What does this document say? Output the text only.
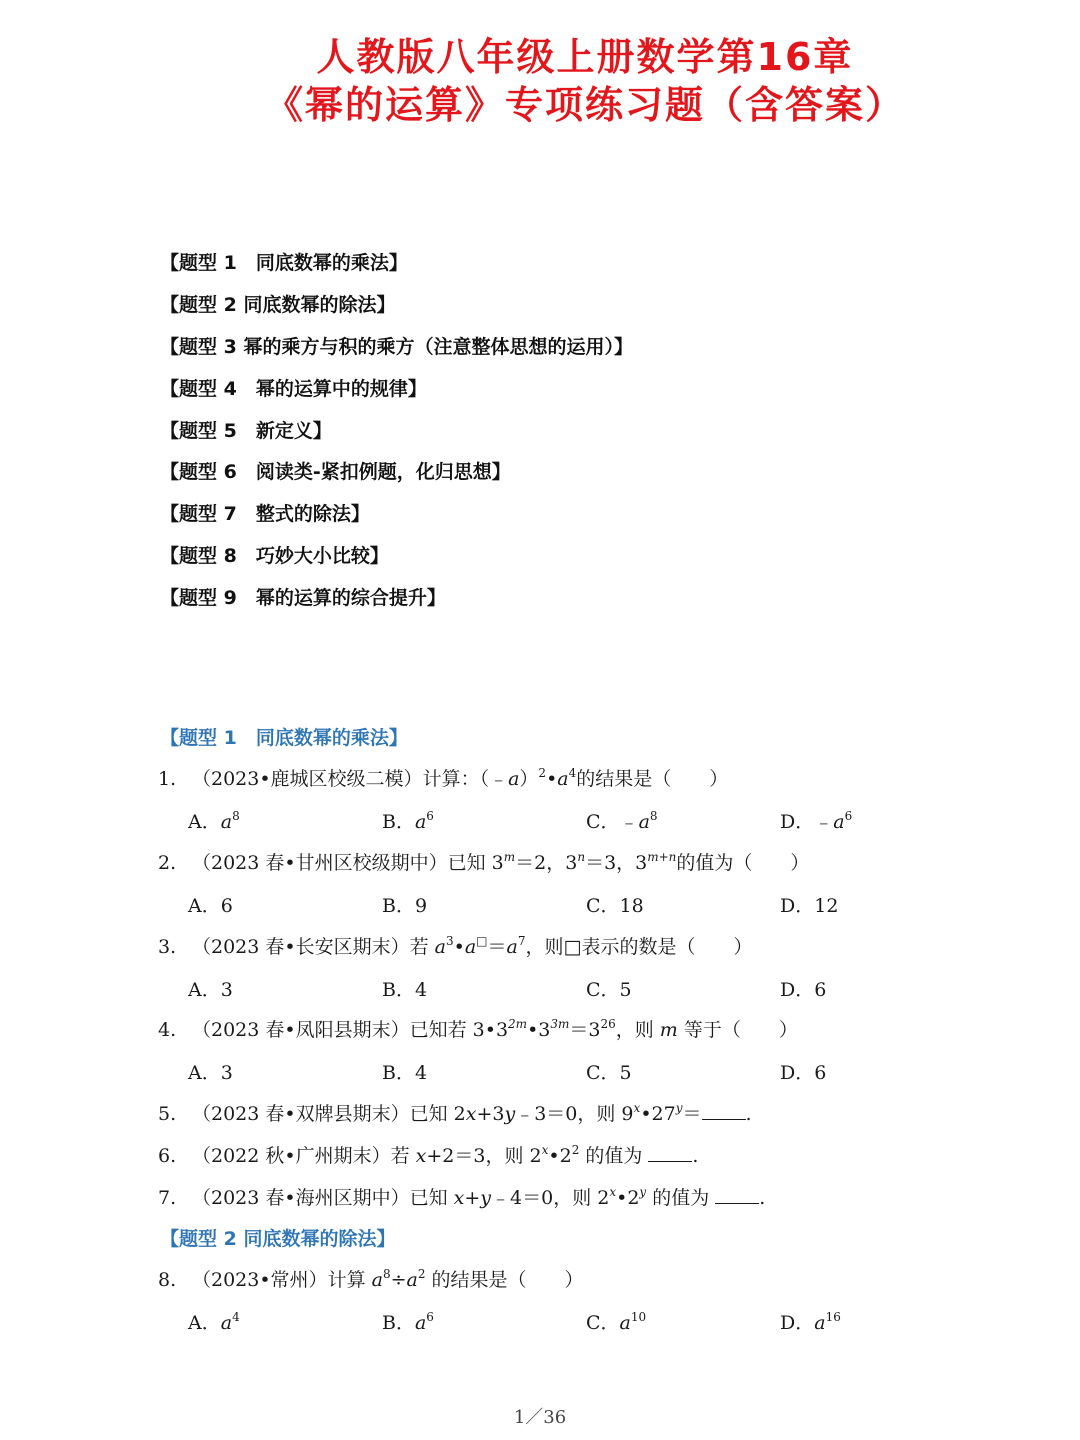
人教版八年级上册数学第16章
《幂的运算》专项练习题（含答案）
【题型 1　同底数幂的乘法】
【题型 2 同底数幂的除法】
【题型 3 幂的乘方与积的乘方（注意整体思想的运用）】
【题型 4　幂的运算中的规律】
【题型 5　新定义】
【题型 6　阅读类-紧扣例题，化归思想】
【题型 7　整式的除法】
【题型 8　巧妙大小比较】
【题型 9　幂的运算的综合提升】
【题型 1　同底数幂的乘法】
1. （2023•鹿城区校级二模）计算：$(﹣a)^2•a^4$的结果是（　　）
A．$a^8$	B．$a^6$	C．$﹣a^8$	D．$﹣a^6$
2. （2023 春•甘州区校级期中）已知 $3^m=2$，$3^n=3$，$3^{m+n}$的值为（　　）
A．6	B．9	C．18	D．12
3. （2023 春•长安区期末）若 $a^3•a^□=a^7$，则□表示的数是（　　）
A．3	B．4	C．5	D．6
4. （2023 春•凤阳县期末）已知若 $3•3^{2m}•3^{3m}=3^{26}$，则 m 等于（　　）
A．3	B．4	C．5	D．6
5. （2023 春•双牌县期末）已知 2x+3y﹣3＝0，则 $9^x•27^y=$ .
6. （2022 秋•广州期末）若 x+2＝3，则 $2^x•2^2$ 的值为 .
7. （2023 春•海州区期中）已知 x+y﹣4＝0，则 2$^x$•2$^y$ 的值为 .
【题型 2 同底数幂的除法】
8. （2023•常州）计算 $a^8\div a^2$ 的结果是（　　）
A．$a^4$	B．$a^6$	C．$a^{10}$	D．$a^{16}$
1／36
